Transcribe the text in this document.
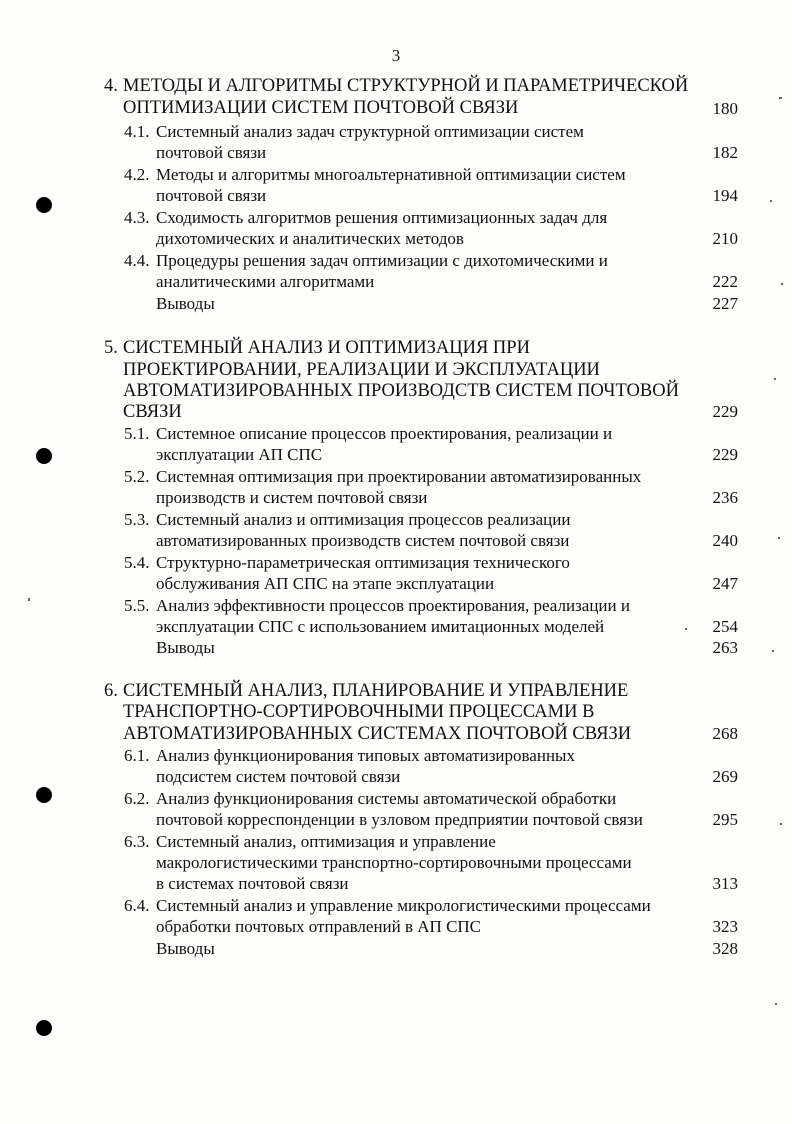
3
4. МЕТОДЫ И АЛГОРИТМЫ СТРУКТУРНОЙ И ПАРАМЕТРИЧЕСКОЙ
ОПТИМИЗАЦИИ СИСТЕМ ПОЧТОВОЙ СВЯЗИ	180
4.1. Системный анализ задач структурной оптимизации систем
почтовой связи	182
4.2. Методы и алгоритмы многоальтернативной оптимизации систем
почтовой связи	194
4.3. Сходимость алгоритмов решения оптимизационных задач для
дихотомических и аналитических методов	210
4.4. Процедуры решения задач оптимизации с дихотомическими и
аналитическими алгоритмами	222
Выводы	227
5. СИСТЕМНЫЙ АНАЛИЗ И ОПТИМИЗАЦИЯ ПРИ
ПРОЕКТИРОВАНИИ, РЕАЛИЗАЦИИ И ЭКСПЛУАТАЦИИ
АВТОМАТИЗИРОВАННЫХ ПРОИЗВОДСТВ СИСТЕМ ПОЧТОВОЙ
СВЯЗИ	229
5.1. Системное описание процессов проектирования, реализации и
эксплуатации АП СПС	229
5.2. Системная оптимизация при проектировании автоматизированных
производств и систем почтовой связи	236
5.3. Системный анализ и оптимизация процессов реализации
автоматизированных производств систем почтовой связи	240
5.4. Структурно-параметрическая оптимизация технического
обслуживания АП СПС на этапе эксплуатации	247
5.5. Анализ эффективности процессов проектирования, реализации и
эксплуатации СПС с использованием имитационных моделей	254
Выводы	263
6. СИСТЕМНЫЙ АНАЛИЗ, ПЛАНИРОВАНИЕ И УПРАВЛЕНИЕ
ТРАНСПОРТНО-СОРТИРОВОЧНЫМИ ПРОЦЕССАМИ В
АВТОМАТИЗИРОВАННЫХ СИСТЕМАХ ПОЧТОВОЙ СВЯЗИ	268
6.1. Анализ функционирования типовых автоматизированных
подсистем систем почтовой связи	269
6.2. Анализ функционирования системы автоматической обработки
почтовой корреспонденции в узловом предприятии почтовой связи	295
6.3. Системный анализ, оптимизация и управление
макрологистическими транспортно-сортировочными процессами
в системах почтовой связи	313
6.4. Системный анализ и управление микрологистическими процессами
обработки почтовых отправлений в АП СПС	323
Выводы	328
